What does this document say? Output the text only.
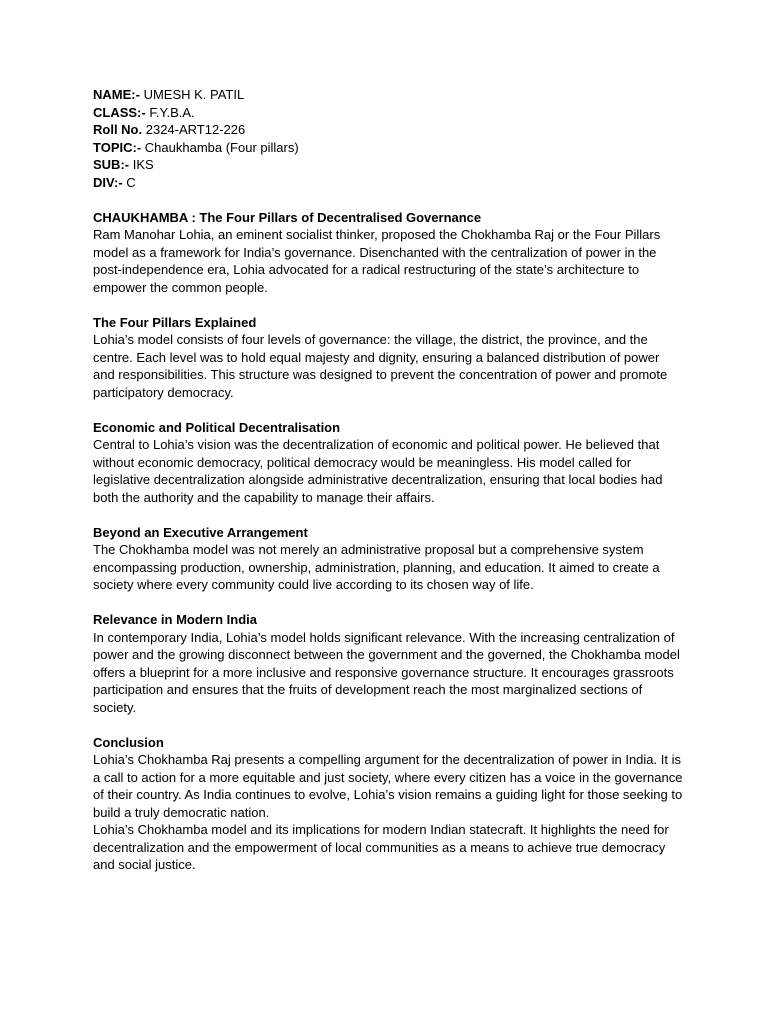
NAME:- UMESH K. PATIL

CLASS:- F.Y.B.A.

Roll No. 2324-ART12-226

TOPIC:- Chaukhamba (Four pillars)

SUB:- IKS

DIV:- C

CHAUKHAMBA : The Four Pillars of Decentralised Governance

Ram Manohar Lohia, an eminent socialist thinker, proposed the Chokhamba Raj or the Four Pillars model as a framework for India’s governance. Disenchanted with the centralization of power in the post-independence era, Lohia advocated for a radical restructuring of the state’s architecture to empower the common people.

The Four Pillars Explained

Lohia’s model consists of four levels of governance: the village, the district, the province, and the centre. Each level was to hold equal majesty and dignity, ensuring a balanced distribution of power and responsibilities. This structure was designed to prevent the concentration of power and promote participatory democracy.

Economic and Political Decentralisation

Central to Lohia’s vision was the decentralization of economic and political power. He believed that without economic democracy, political democracy would be meaningless. His model called for legislative decentralization alongside administrative decentralization, ensuring that local bodies had both the authority and the capability to manage their affairs.

Beyond an Executive Arrangement

The Chokhamba model was not merely an administrative proposal but a comprehensive system encompassing production, ownership, administration, planning, and education. It aimed to create a society where every community could live according to its chosen way of life.

Relevance in Modern India

In contemporary India, Lohia’s model holds significant relevance. With the increasing centralization of power and the growing disconnect between the government and the governed, the Chokhamba model offers a blueprint for a more inclusive and responsive governance structure. It encourages grassroots participation and ensures that the fruits of development reach the most marginalized sections of society.

Conclusion

Lohia’s Chokhamba Raj presents a compelling argument for the decentralization of power in India. It is a call to action for a more equitable and just society, where every citizen has a voice in the governance of their country. As India continues to evolve, Lohia’s vision remains a guiding light for those seeking to build a truly democratic nation.

Lohia’s Chokhamba model and its implications for modern Indian statecraft. It highlights the need for decentralization and the empowerment of local communities as a means to achieve true democracy and social justice.
